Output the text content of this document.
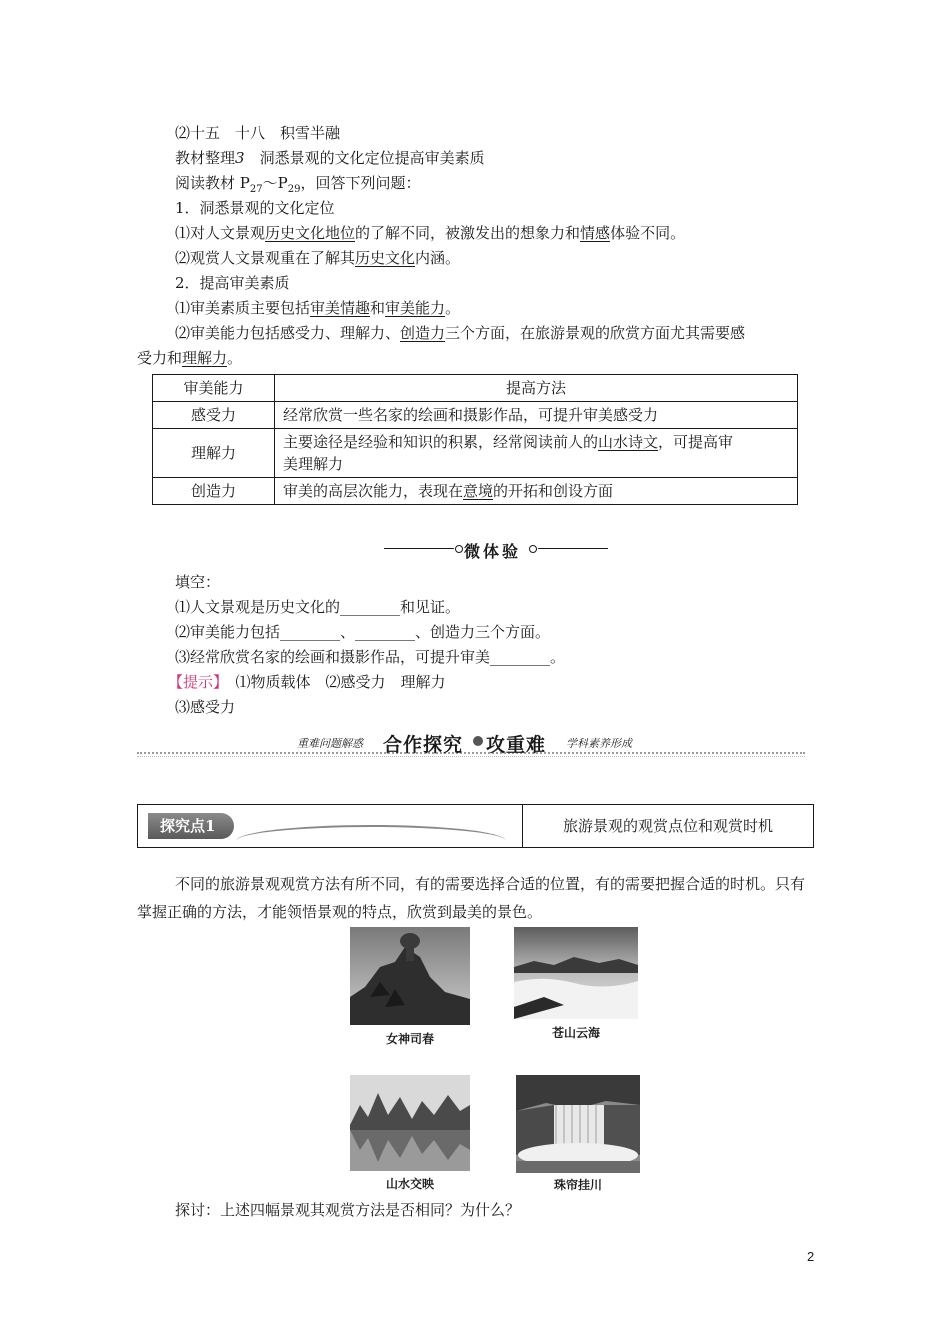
⑵十五　十八　积雪半融
教材整理3　 洞悉景观的文化定位提高审美素质
阅读教材 $P_{27}\sim P_{29}$，回答下列问题：
1．洞悉景观的文化定位
⑴对人文景观历史文化地位的了解不同，被激发出的想象力和情感体验不同。
⑵观赏人文景观重在了解其历史文化内涵。
2．提高审美素质
⑴审美素质主要包括审美情趣和审美能力。
⑵审美能力包括感受力、理解力、创造力三个方面，在旅游景观的欣赏方面尤其需要感
受力和理解力。
审美能力	提高方法
感受力	经常欣赏一些名家的绘画和摄影作品，可提升审美感受力
理解力	主要途径是经验和知识的积累，经常阅读前人的山水诗文，可提高审
美理解力
创造力	审美的高层次能力，表现在意境的开拓和创设方面
微体验
填空：
⑴人文景观是历史文化的________和见证。
⑵审美能力包括________、________、创造力三个方面。
⑶经常欣赏名家的绘画和摄影作品，可提升审美________。
【提示】　 ⑴物质载体　⑵感受力　理解力
⑶感受力
重难问题解惑 合作探究 攻重难 学科素养形成
探究点1	旅游景观的观赏点位和观赏时机
不同的旅游景观观赏方法有所不同，有的需要选择合适的位置，有的需要把握合适的时机。只有掌握正确的方法，才能领悟景观的特点，欣赏到最美的景色。
女神司春	苍山云海
山水交映	珠帘挂川
探讨：上述四幅景观其观赏方法是否相同？为什么？
2
